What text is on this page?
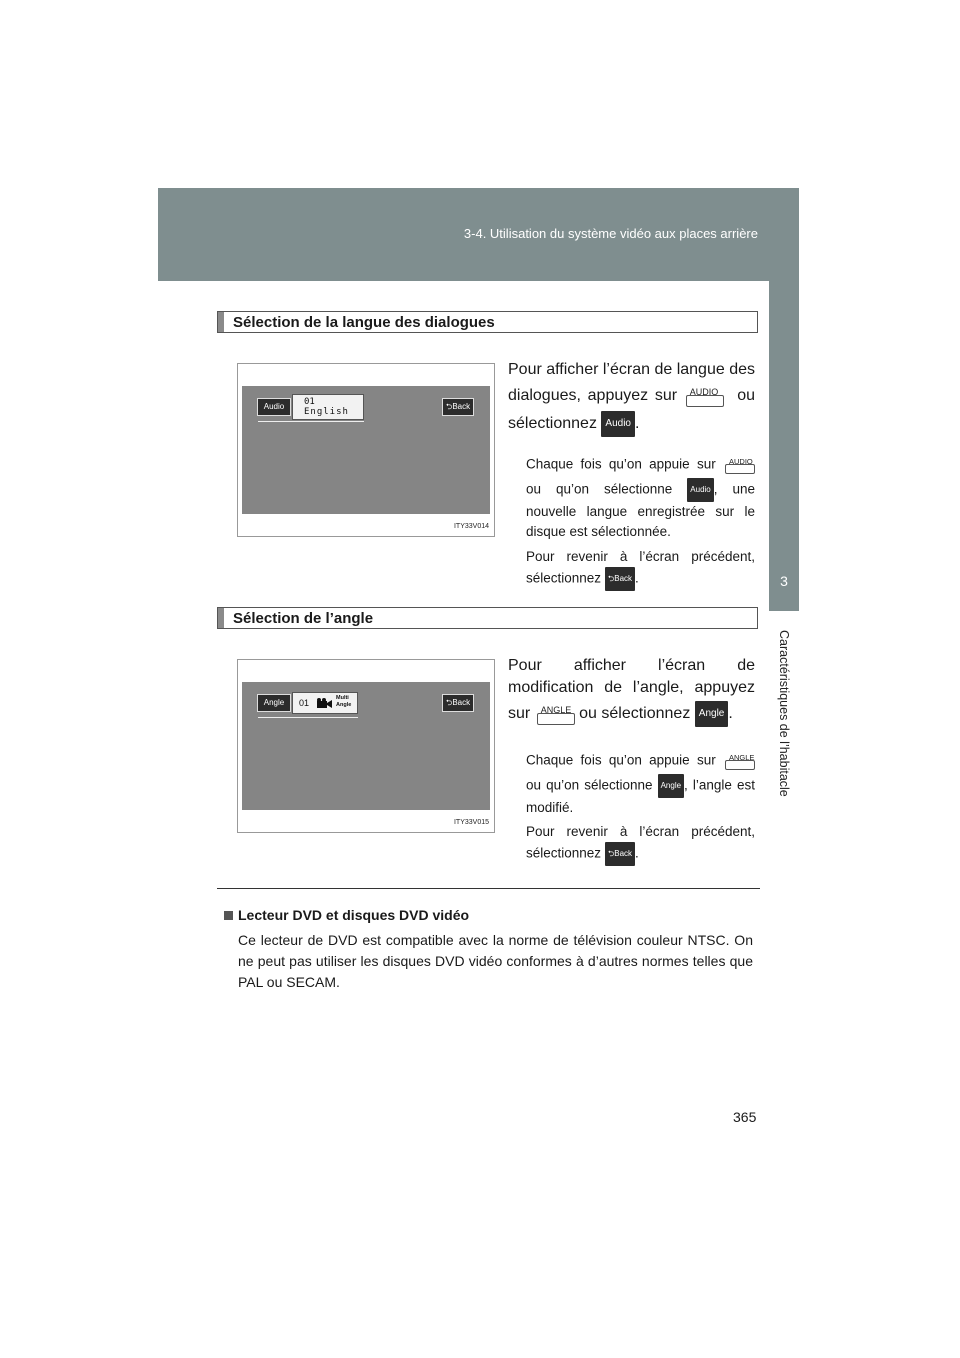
3-4. Utilisation du système vidéo aux places arrière
3
Caractéristiques de l’habitacle
Sélection de la langue des dialogues
Audio	01
English
⮌Back
ITY33V014
Pour afficher l’écran de langue des dialogues, appuyez sur AUDIO ou sélectionnez Audio .
Chaque fois qu’on appuie sur AUDIO
ou qu’on sélectionne Audio , une nouvelle langue enregistrée sur le disque est sélectionnée.
Pour revenir à l’écran précédent, sélectionnez ⮌Back .
Sélection de l’angle
Angle	01	Multi
Angle	⮌Back
ITY33V015
Pour afficher l’écran de modification de l’angle, appuyez sur ANGLE ou sélectionnez Angle .
Chaque fois qu’on appuie sur ANGLE
ou qu’on sélectionne Angle , l’angle est modifié.
Pour revenir à l’écran précédent, sélectionnez ⮌Back .
Lecteur DVD et disques DVD vidéo
Ce lecteur de DVD est compatible avec la norme de télévision couleur NTSC. On ne peut pas utiliser les disques DVD vidéo conformes à d’autres normes telles que PAL ou SECAM.
365
